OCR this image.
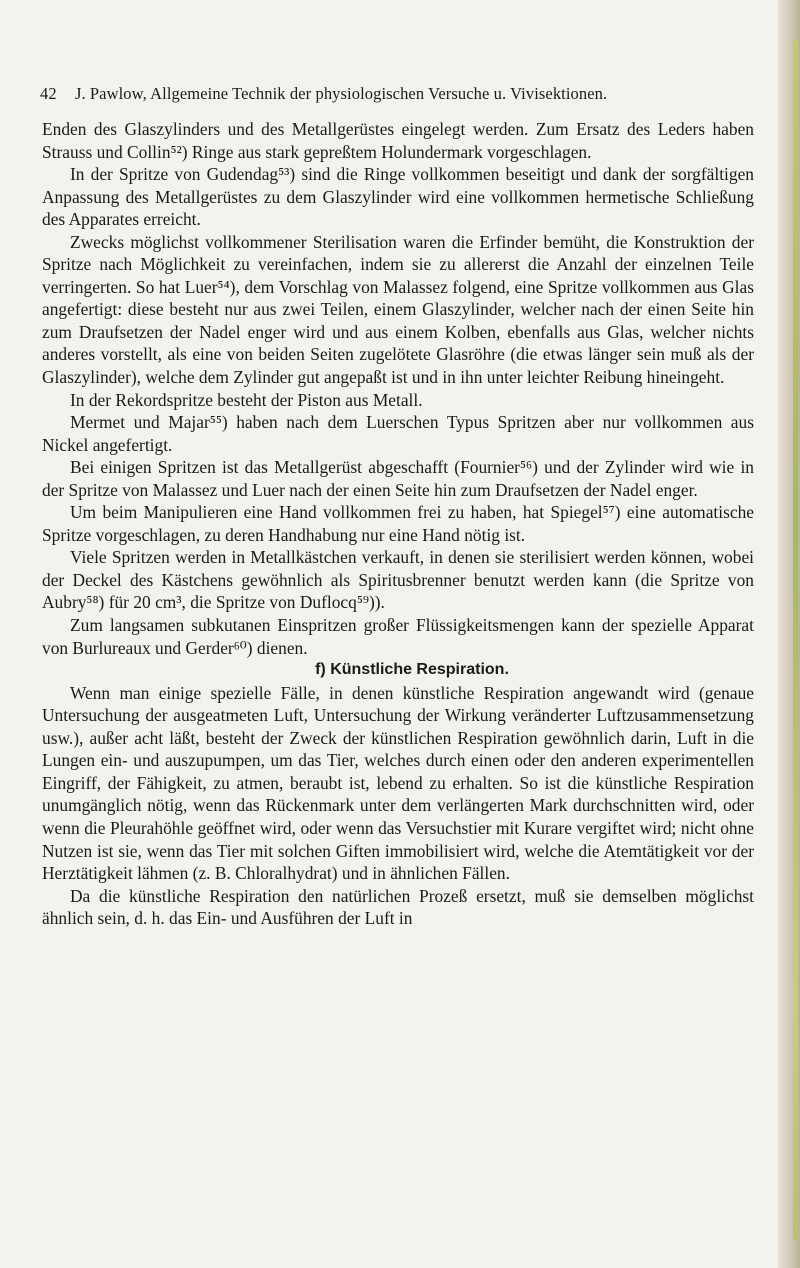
42 J. Pawlow, Allgemeine Technik der physiologischen Versuche u. Vivisektionen.

Enden des Glaszylinders und des Metallgerüstes eingelegt werden. Zum Ersatz des Leders haben Strauss und Collin⁵²) Ringe aus stark gepreßtem Holundermark vorgeschlagen.

In der Spritze von Gudendag⁵³) sind die Ringe vollkommen beseitigt und dank der sorgfältigen Anpassung des Metallgerüstes zu dem Glaszylinder wird eine vollkommen hermetische Schließung des Apparates erreicht.

Zwecks möglichst vollkommener Sterilisation waren die Erfinder bemüht, die Konstruktion der Spritze nach Möglichkeit zu vereinfachen, indem sie zu allererst die Anzahl der einzelnen Teile verringerten. So hat Luer⁵⁴), dem Vorschlag von Malassez folgend, eine Spritze vollkommen aus Glas angefertigt: diese besteht nur aus zwei Teilen, einem Glaszylinder, welcher nach der einen Seite hin zum Draufsetzen der Nadel enger wird und aus einem Kolben, ebenfalls aus Glas, welcher nichts anderes vorstellt, als eine von beiden Seiten zugelötete Glasröhre (die etwas länger sein muß als der Glaszylinder), welche dem Zylinder gut angepaßt ist und in ihn unter leichter Reibung hineingeht.

In der Rekordspritze besteht der Piston aus Metall.

Mermet und Majar⁵⁵) haben nach dem Luerschen Typus Spritzen aber nur vollkommen aus Nickel angefertigt.

Bei einigen Spritzen ist das Metallgerüst abgeschafft (Fournier⁵⁶) und der Zylinder wird wie in der Spritze von Malassez und Luer nach der einen Seite hin zum Draufsetzen der Nadel enger.

Um beim Manipulieren eine Hand vollkommen frei zu haben, hat Spiegel⁵⁷) eine automatische Spritze vorgeschlagen, zu deren Handhabung nur eine Hand nötig ist.

Viele Spritzen werden in Metallkästchen verkauft, in denen sie sterilisiert werden können, wobei der Deckel des Kästchens gewöhnlich als Spiritusbrenner benutzt werden kann (die Spritze von Aubry⁵⁸) für 20 cm³, die Spritze von Duflocq⁵⁹)).

Zum langsamen subkutanen Einspritzen großer Flüssigkeitsmengen kann der spezielle Apparat von Burlureaux und Gerder⁶⁰) dienen.

f) Künstliche Respiration.

Wenn man einige spezielle Fälle, in denen künstliche Respiration angewandt wird (genaue Untersuchung der ausgeatmeten Luft, Untersuchung der Wirkung veränderter Luftzusammensetzung usw.), außer acht läßt, besteht der Zweck der künstlichen Respiration gewöhnlich darin, Luft in die Lungen ein- und auszupumpen, um das Tier, welches durch einen oder den anderen experimentellen Eingriff, der Fähigkeit, zu atmen, beraubt ist, lebend zu erhalten. So ist die künstliche Respiration unumgänglich nötig, wenn das Rückenmark unter dem verlängerten Mark durchschnitten wird, oder wenn die Pleurahöhle geöffnet wird, oder wenn das Versuchstier mit Kurare vergiftet wird; nicht ohne Nutzen ist sie, wenn das Tier mit solchen Giften immobilisiert wird, welche die Atemtätigkeit vor der Herztätigkeit lähmen (z. B. Chloralhydrat) und in ähnlichen Fällen.

Da die künstliche Respiration den natürlichen Prozeß ersetzt, muß sie demselben möglichst ähnlich sein, d. h. das Ein- und Ausführen der Luft in
